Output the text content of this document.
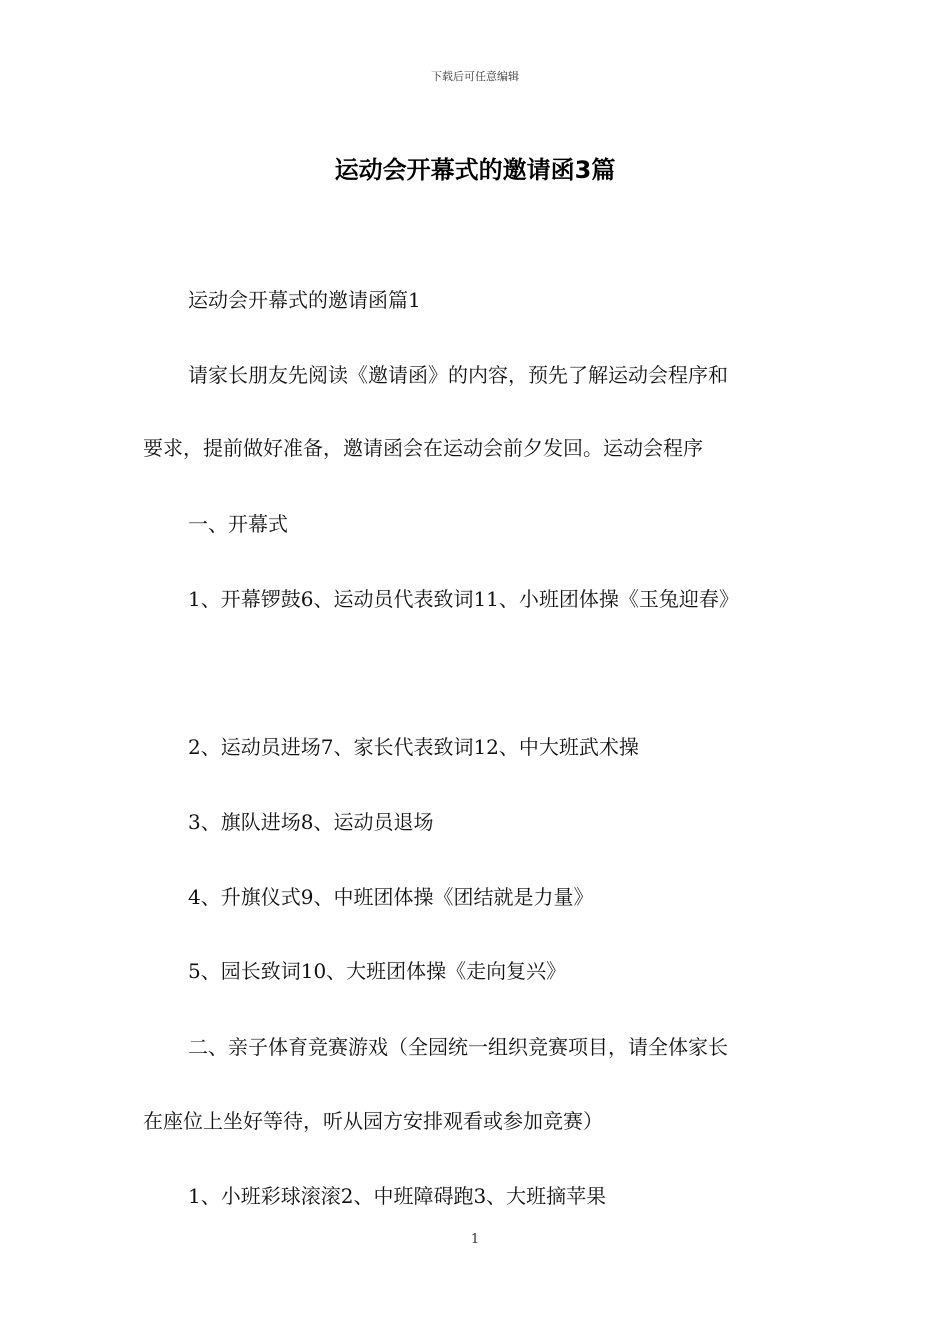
下载后可任意编辑
运动会开幕式的邀请函3篇
运动会开幕式的邀请函篇1
请家长朋友先阅读《邀请函》的内容，预先了解运动会程序和
要求，提前做好准备，邀请函会在运动会前夕发回。运动会程序
一、开幕式
1、开幕锣鼓6、运动员代表致词11、小班团体操《玉兔迎春》
2、运动员进场7、家长代表致词12、中大班武术操
3、旗队进场8、运动员退场
4、升旗仪式9、中班团体操《团结就是力量》
5、园长致词10、大班团体操《走向复兴》
二、亲子体育竞赛游戏（全园统一组织竞赛项目，请全体家长
在座位上坐好等待，听从园方安排观看或参加竞赛）
1、小班彩球滚滚2、中班障碍跑3、大班摘苹果
1
